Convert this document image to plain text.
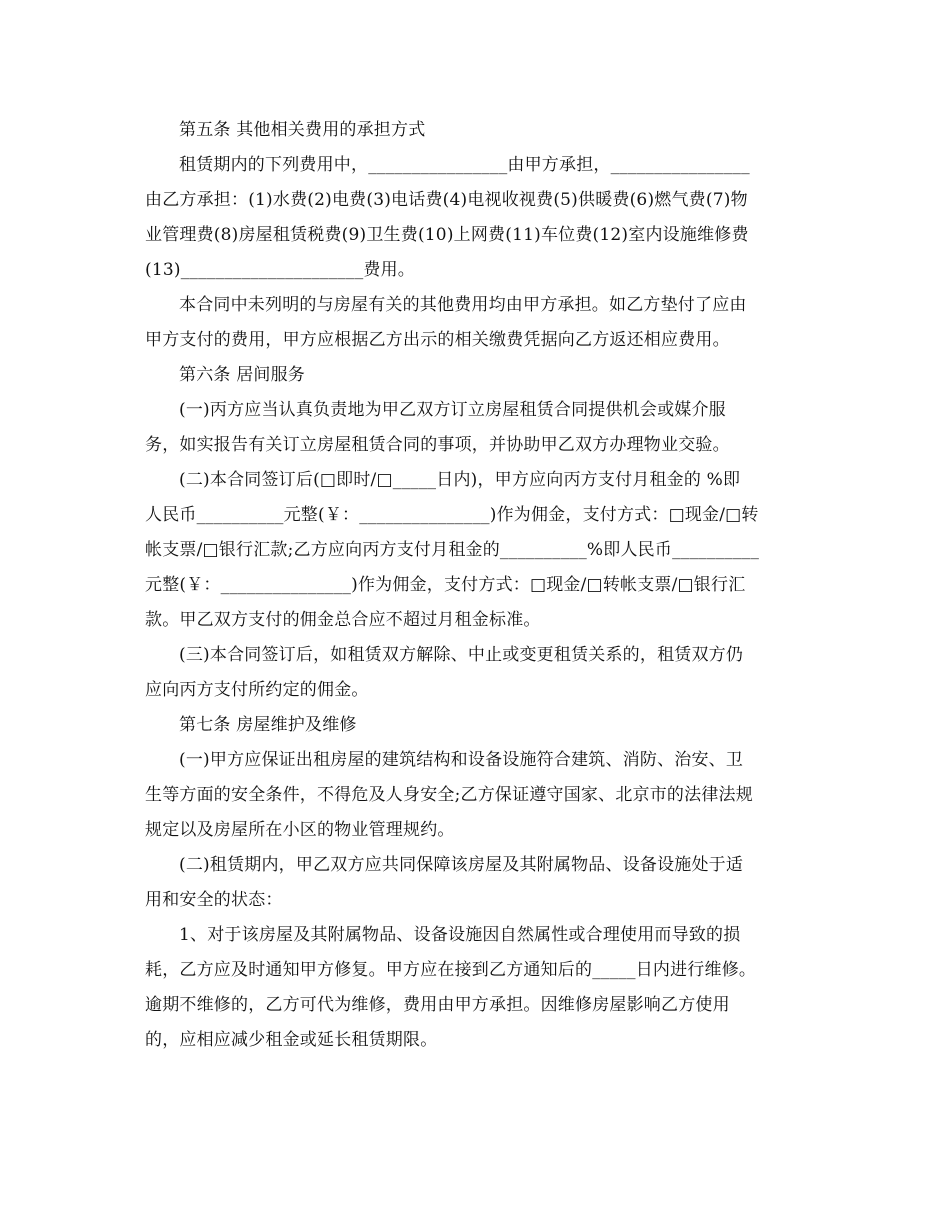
第五条 其他相关费用的承担方式

租赁期内的下列费用中，________________由甲方承担，________________
由乙方承担：(1)水费(2)电费(3)电话费(4)电视收视费(5)供暖费(6)燃气费(7)物
业管理费(8)房屋租赁税费(9)卫生费(10)上网费(11)车位费(12)室内设施维修费
(13)_____________________费用。
本合同中未列明的与房屋有关的其他费用均由甲方承担。如乙方垫付了应由
甲方支付的费用，甲方应根据乙方出示的相关缴费凭据向乙方返还相应费用。

第六条 居间服务

(一)丙方应当认真负责地为甲乙双方订立房屋租赁合同提供机会或媒介服
务，如实报告有关订立房屋租赁合同的事项，并协助甲乙双方办理物业交验。
(二)本合同签订后(□即时/□_____日内)，甲方应向丙方支付月租金的 %即
人民币__________元整(￥：_______________)作为佣金，支付方式：□现金/□转
帐支票/□银行汇款;乙方应向丙方支付月租金的__________%即人民币__________
元整(￥：_______________)作为佣金，支付方式：□现金/□转帐支票/□银行汇
款。甲乙双方支付的佣金总合应不超过月租金标准。
(三)本合同签订后，如租赁双方解除、中止或变更租赁关系的，租赁双方仍
应向丙方支付所约定的佣金。

第七条 房屋维护及维修

(一)甲方应保证出租房屋的建筑结构和设备设施符合建筑、消防、治安、卫
生等方面的安全条件，不得危及人身安全;乙方保证遵守国家、北京市的法律法规
规定以及房屋所在小区的物业管理规约。
(二)租赁期内，甲乙双方应共同保障该房屋及其附属物品、设备设施处于适
用和安全的状态：
1、对于该房屋及其附属物品、设备设施因自然属性或合理使用而导致的损
耗，乙方应及时通知甲方修复。甲方应在接到乙方通知后的_____日内进行维修。
逾期不维修的，乙方可代为维修，费用由甲方承担。因维修房屋影响乙方使用
的，应相应减少租金或延长租赁期限。
